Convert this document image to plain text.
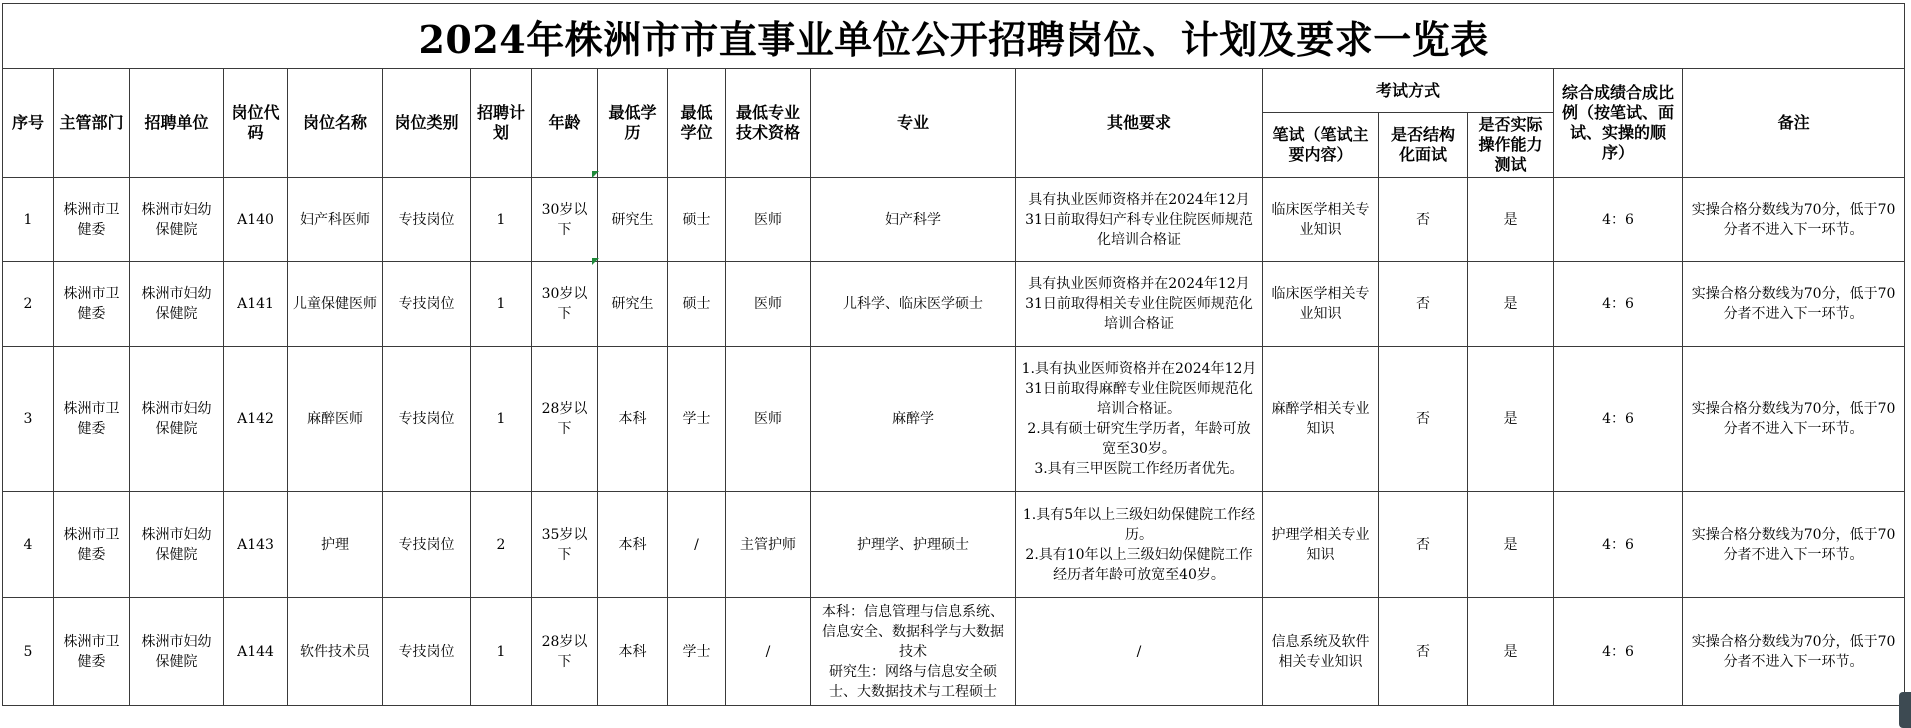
2024年株洲市市直事业单位公开招聘岗位、计划及要求一览表																	
序号	主管部门	招聘单位	岗位代码	岗位名称	岗位类别	招聘计划	年龄	最低学历	最低学位	最低专业技术资格	专业	其他要求	考试方式			综合成绩合成比例（按笔试、面试、实操的顺序）	备注
													笔试（笔试主要内容）	是否结构化面试	是否实际操作能力测试		
1	株洲市卫健委	株洲市妇幼保健院	A140	妇产科医师	专技岗位	1	30岁以下	研究生	硕士	医师	妇产科学	具有执业医师资格并在2024年12月31日前取得妇产科专业住院医师规范化培训合格证	临床医学相关专业知识	否	是	4：6	实操合格分数线为70分，低于70分者不进入下一环节。
2	株洲市卫健委	株洲市妇幼保健院	A141	儿童保健医师	专技岗位	1	30岁以下	研究生	硕士	医师	儿科学、临床医学硕士	具有执业医师资格并在2024年12月31日前取得相关专业住院医师规范化培训合格证	临床医学相关专业知识	否	是	4：6	实操合格分数线为70分，低于70分者不进入下一环节。
3	株洲市卫健委	株洲市妇幼保健院	A142	麻醉医师	专技岗位	1	28岁以下	本科	学士	医师	麻醉学	1.具有执业医师资格并在2024年12月31日前取得麻醉专业住院医师规范化培训合格证。
2.具有硕士研究生学历者，年龄可放宽至30岁。
3.具有三甲医院工作经历者优先。	麻醉学相关专业知识	否	是	4：6	实操合格分数线为70分，低于70分者不进入下一环节。
4	株洲市卫健委	株洲市妇幼保健院	A143	护理	专技岗位	2	35岁以下	本科	/	主管护师	护理学、护理硕士	1.具有5年以上三级妇幼保健院工作经历。
2.具有10年以上三级妇幼保健院工作经历者年龄可放宽至40岁。	护理学相关专业知识	否	是	4：6	实操合格分数线为70分，低于70分者不进入下一环节。
5	株洲市卫健委	株洲市妇幼保健院	A144	软件技术员	专技岗位	1	28岁以下	本科	学士	/	本科：信息管理与信息系统、信息安全、数据科学与大数据技术
研究生：网络与信息安全硕士、大数据技术与工程硕士	/	信息系统及软件相关专业知识	否	是	4：6	实操合格分数线为70分，低于70分者不进入下一环节。
